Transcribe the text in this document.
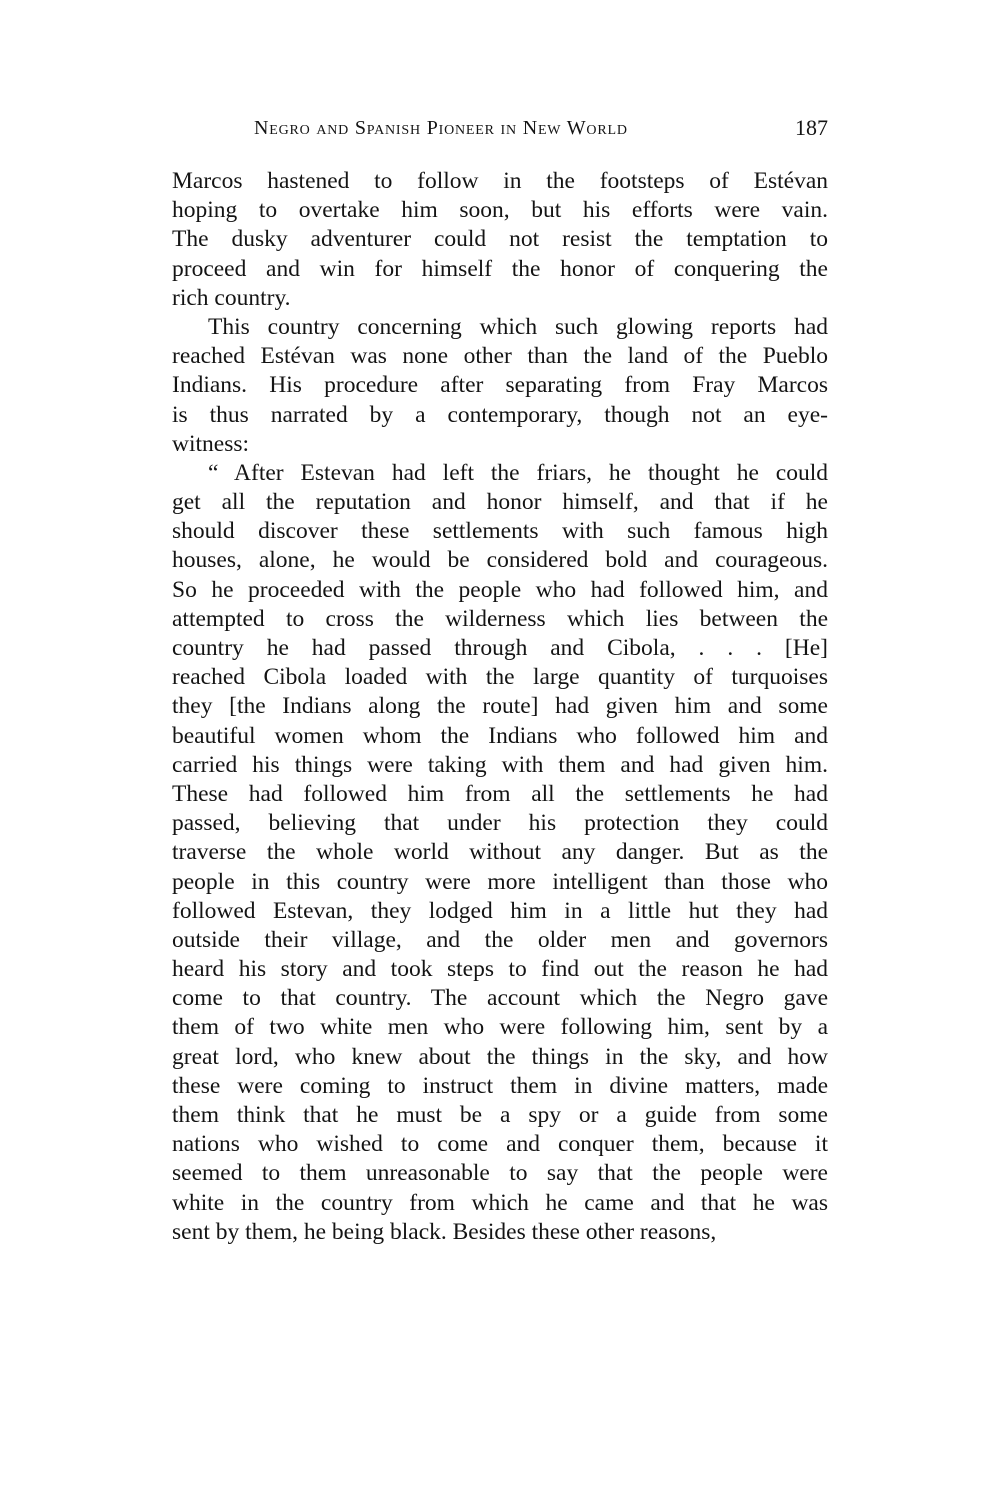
Negro and Spanish Pioneer in New World	187
Marcos hastened to follow in the footsteps of Estévan
hoping to overtake him soon, but his efforts were vain.
The dusky adventurer could not resist the temptation to
proceed and win for himself the honor of conquering the
rich country.
This country concerning which such glowing reports had
reached Estévan was none other than the land of the Pueblo
Indians. His procedure after separating from Fray Marcos
is thus narrated by a contemporary, though not an eye-
witness:
“ After Estevan had left the friars, he thought he could
get all the reputation and honor himself, and that if he
should discover these settlements with such famous high
houses, alone, he would be considered bold and courageous.
So he proceeded with the people who had followed him, and
attempted to cross the wilderness which lies between the
country he had passed through and Cibola, . . . [He]
reached Cibola loaded with the large quantity of turquoises
they [the Indians along the route] had given him and some
beautiful women whom the Indians who followed him and
carried his things were taking with them and had given him.
These had followed him from all the settlements he had
passed, believing that under his protection they could
traverse the whole world without any danger. But as the
people in this country were more intelligent than those who
followed Estevan, they lodged him in a little hut they had
outside their village, and the older men and governors
heard his story and took steps to find out the reason he had
come to that country. The account which the Negro gave
them of two white men who were following him, sent by a
great lord, who knew about the things in the sky, and how
these were coming to instruct them in divine matters, made
them think that he must be a spy or a guide from some
nations who wished to come and conquer them, because it
seemed to them unreasonable to say that the people were
white in the country from which he came and that he was
sent by them, he being black. Besides these other reasons,
